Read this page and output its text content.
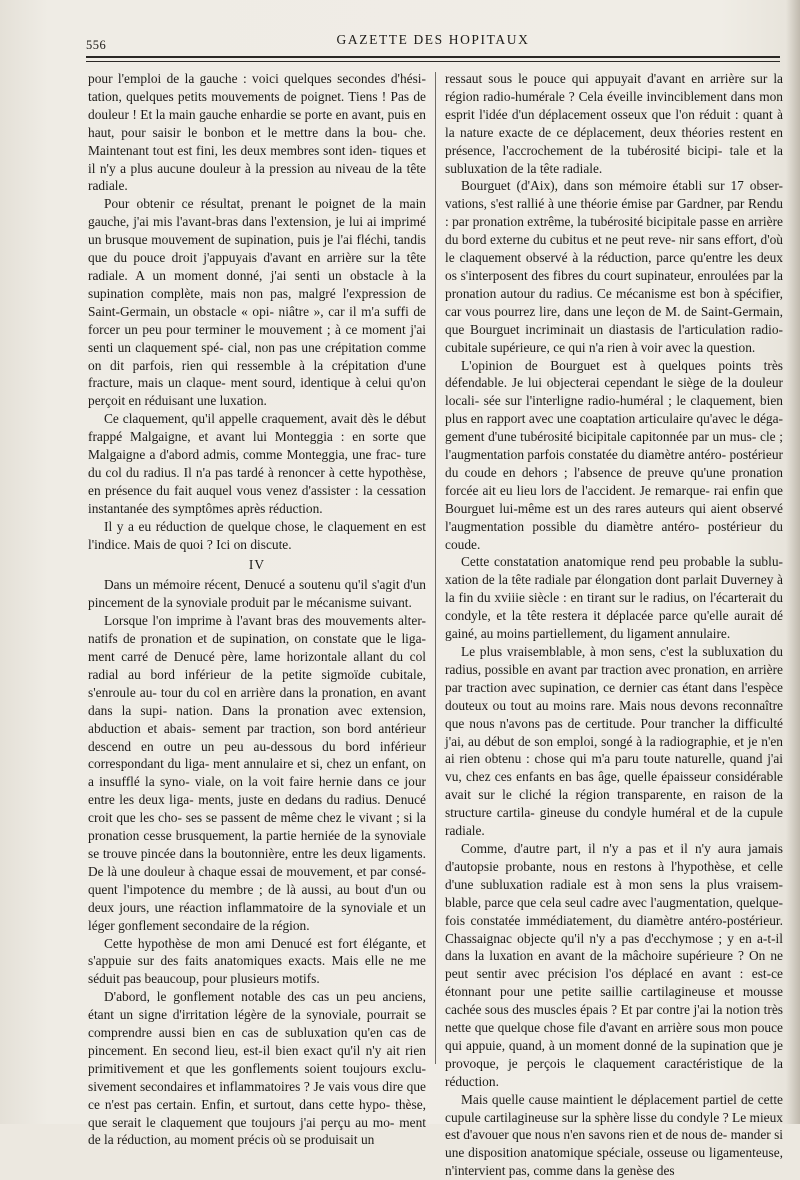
556	GAZETTE DES HOPITAUX

pour l'emploi de la gauche : voici quelques secondes d'hési- tation, quelques petits mouvements de poignet. Tiens ! Pas de douleur ! Et la main gauche enhardie se porte en avant, puis en haut, pour saisir le bonbon et le mettre dans la bou- che. Maintenant tout est fini, les deux membres sont iden- tiques et il n'y a plus aucune douleur à la pression au niveau de la tête radiale.

Pour obtenir ce résultat, prenant le poignet de la main gauche, j'ai mis l'avant-bras dans l'extension, je lui ai imprimé un brusque mouvement de supination, puis je l'ai fléchi, tandis que du pouce droit j'appuyais d'avant en arrière sur la tête radiale. A un moment donné, j'ai senti un obstacle à la supination complète, mais non pas, malgré l'expression de Saint-Germain, un obstacle « opi- niâtre », car il m'a suffi de forcer un peu pour terminer le mouvement ; à ce moment j'ai senti un claquement spé- cial, non pas une crépitation comme on dit parfois, rien qui ressemble à la crépitation d'une fracture, mais un claque- ment sourd, identique à celui qu'on perçoit en réduisant une luxation.

Ce claquement, qu'il appelle craquement, avait dès le début frappé Malgaigne, et avant lui Monteggia : en sorte que Malgaigne a d'abord admis, comme Monteggia, une frac- ture du col du radius. Il n'a pas tardé à renoncer à cette hypothèse, en présence du fait auquel vous venez d'assister : la cessation instantanée des symptômes après réduction.

Il y a eu réduction de quelque chose, le claquement en est l'indice. Mais de quoi ? Ici on discute.

IV

Dans un mémoire récent, Denucé a soutenu qu'il s'agit d'un pincement de la synoviale produit par le mécanisme suivant.

Lorsque l'on imprime à l'avant bras des mouvements alter- natifs de pronation et de supination, on constate que le liga- ment carré de Denucé père, lame horizontale allant du col radial au bord inférieur de la petite sigmoïde cubitale, s'enroule au- tour du col en arrière dans la pronation, en avant dans la supi- nation. Dans la pronation avec extension, abduction et abais- sement par traction, son bord antérieur descend en outre un peu au-dessous du bord inférieur correspondant du liga- ment annulaire et si, chez un enfant, on a insufflé la syno- viale, on la voit faire hernie dans ce jour entre les deux liga- ments, juste en dedans du radius. Denucé croit que les cho- ses se passent de même chez le vivant ; si la pronation cesse brusquement, la partie herniée de la synoviale se trouve pincée dans la boutonnière, entre les deux ligaments. De là une douleur à chaque essai de mouvement, et par consé- quent l'impotence du membre ; de là aussi, au bout d'un ou deux jours, une réaction inflammatoire de la synoviale et un léger gonflement secondaire de la région.

Cette hypothèse de mon ami Denucé est fort élégante, et s'appuie sur des faits anatomiques exacts. Mais elle ne me séduit pas beaucoup, pour plusieurs motifs.

D'abord, le gonflement notable des cas un peu anciens, étant un signe d'irritation légère de la synoviale, pourrait se comprendre aussi bien en cas de subluxation qu'en cas de pincement. En second lieu, est-il bien exact qu'il n'y ait rien primitivement et que les gonflements soient toujours exclu- sivement secondaires et inflammatoires ? Je vais vous dire que ce n'est pas certain. Enfin, et surtout, dans cette hypo- thèse, que serait le claquement que toujours j'ai perçu au mo- ment de la réduction, au moment précis où se produisait un

ressaut sous le pouce qui appuyait d'avant en arrière sur la région radio-humérale ? Cela éveille invinciblement dans mon esprit l'idée d'un déplacement osseux que l'on réduit : quant à la nature exacte de ce déplacement, deux théories restent en présence, l'accrochement de la tubérosité bicipi- tale et la subluxation de la tête radiale.

Bourguet (d'Aix), dans son mémoire établi sur 17 obser- vations, s'est rallié à une théorie émise par Gardner, par Rendu : par pronation extrême, la tubérosité bicipitale passe en arrière du bord externe du cubitus et ne peut reve- nir sans effort, d'où le claquement observé à la réduction, parce qu'entre les deux os s'interposent des fibres du court supinateur, enroulées par la pronation autour du radius. Ce mécanisme est bon à spécifier, car vous pourrez lire, dans une leçon de M. de Saint-Germain, que Bourguet incriminait un diastasis de l'articulation radio-cubitale supérieure, ce qui n'a rien à voir avec la question.

L'opinion de Bourguet est à quelques points très défendable. Je lui objecterai cependant le siège de la douleur locali- sée sur l'interligne radio-huméral ; le claquement, bien plus en rapport avec une coaptation articulaire qu'avec le déga- gement d'une tubérosité bicipitale capitonnée par un mus- cle ; l'augmentation parfois constatée du diamètre antéro- postérieur du coude en dehors ; l'absence de preuve qu'une pronation forcée ait eu lieu lors de l'accident. Je remarque- rai enfin que Bourguet lui-même est un des rares auteurs qui aient observé l'augmentation possible du diamètre antéro- postérieur du coude.

Cette constatation anatomique rend peu probable la sublu- xation de la tête radiale par élongation dont parlait Duverney à la fin du xviiie siècle : en tirant sur le radius, on l'écarterait du condyle, et la tête restera it déplacée parce qu'elle aurait dé gainé, au moins partiellement, du ligament annulaire.

Le plus vraisemblable, à mon sens, c'est la subluxation du radius, possible en avant par traction avec pronation, en arrière par traction avec supination, ce dernier cas étant dans l'espèce douteux ou tout au moins rare. Mais nous devons reconnaître que nous n'avons pas de certitude. Pour trancher la difficulté j'ai, au début de son emploi, songé à la radiographie, et je n'en ai rien obtenu : chose qui m'a paru toute naturelle, quand j'ai vu, chez ces enfants en bas âge, quelle épaisseur considérable avait sur le cliché la région transparente, en raison de la structure cartila- gineuse du condyle huméral et de la cupule radiale.

Comme, d'autre part, il n'y a pas et il n'y aura jamais d'autopsie probante, nous en restons à l'hypothèse, et celle d'une subluxation radiale est à mon sens la plus vraisem- blable, parce que cela seul cadre avec l'augmentation, quelque- fois constatée immédiatement, du diamètre antéro-postérieur. Chassaignac objecte qu'il n'y a pas d'ecchymose ; y en a-t-il dans la luxation en avant de la mâchoire supérieure ? On ne peut sentir avec précision l'os déplacé en avant : est-ce étonnant pour une petite saillie cartilagineuse et mousse cachée sous des muscles épais ? Et par contre j'ai la notion très nette que quelque chose file d'avant en arrière sous mon pouce qui appuie, quand, à un moment donné de la supination que je provoque, je perçois le claquement caractéristique de la réduction.

Mais quelle cause maintient le déplacement partiel de cette cupule cartilagineuse sur la sphère lisse du condyle ? Le mieux est d'avouer que nous n'en savons rien et de nous de- mander si une disposition anatomique spéciale, osseuse ou ligamenteuse, n'intervient pas, comme dans la genèse des
